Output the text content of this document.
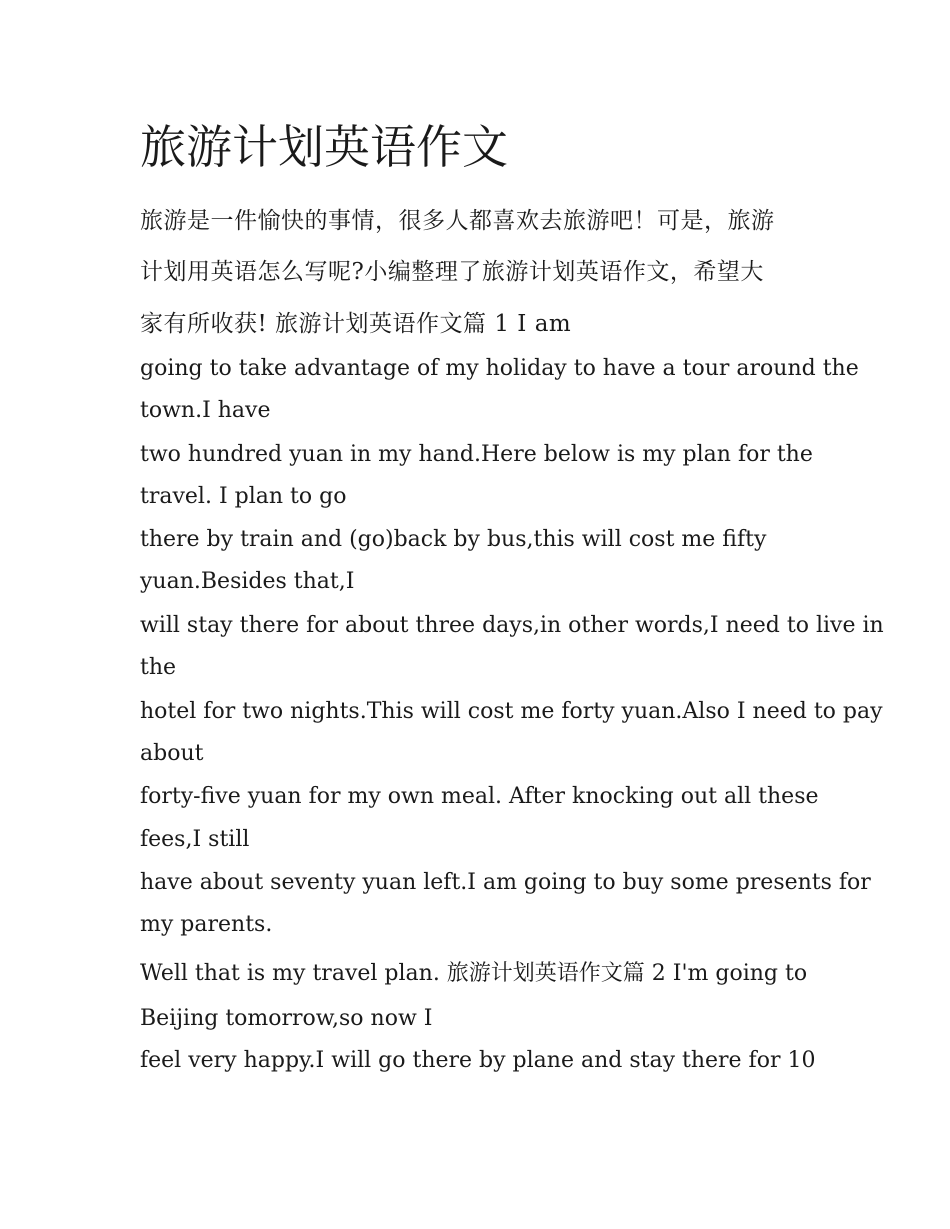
旅游计划英语作文

旅游是一件愉快的事情，很多人都喜欢去旅游吧！可是，旅游

计划用英语怎么写呢?小编整理了旅游计划英语作文，希望大

家有所收获! 旅游计划英语作文篇 1 I am

going to take advantage of my holiday to have a tour around the

town.I have

two hundred yuan in my hand.Here below is my plan for the

travel. I plan to go

there by train and (go)back by bus,this will cost me fifty

yuan.Besides that,I

will stay there for about three days,in other words,I need to live in

the

hotel for two nights.This will cost me forty yuan.Also I need to pay

about

forty-five yuan for my own meal. After knocking out all these

fees,I still

have about seventy yuan left.I am going to buy some presents for

my parents.

Well that is my travel plan. 旅游计划英语作文篇 2 I'm going to

Beijing tomorrow,so now I

feel very happy.I will go there by plane and stay there for 10
